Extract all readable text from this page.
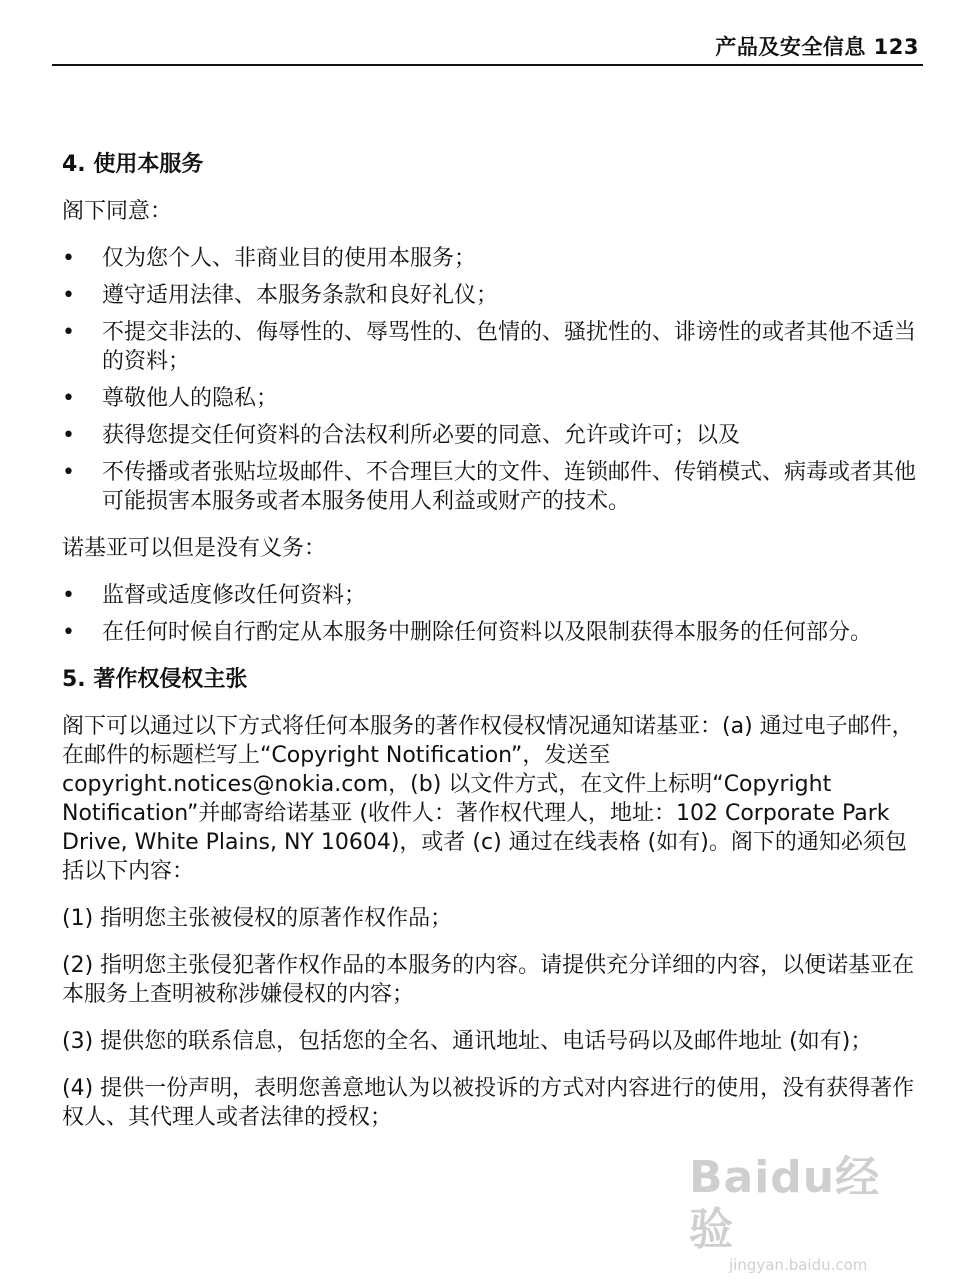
产品及安全信息 123
4. 使用本服务

阁下同意：

•	仅为您个人、非商业目的使用本服务；
•	遵守适用法律、本服务条款和良好礼仪；
•	不提交非法的、侮辱性的、辱骂性的、色情的、骚扰性的、诽谤性的或者其他不适当的资料；
•	尊敬他人的隐私；
•	获得您提交任何资料的合法权利所必要的同意、允许或许可；以及
•	不传播或者张贴垃圾邮件、不合理巨大的文件、连锁邮件、传销模式、病毒或者其他可能损害本服务或者本服务使用人利益或财产的技术。

诺基亚可以但是没有义务：

•	监督或适度修改任何资料；
•	在任何时候自行酌定从本服务中删除任何资料以及限制获得本服务的任何部分。
5. 著作权侵权主张

阁下可以通过以下方式将任何本服务的著作权侵权情况通知诺基亚：(a) 通过电子邮件，在邮件的标题栏写上“Copyright Notification”，发送至copyright.notices@nokia.com，(b) 以文件方式，在文件上标明“Copyright Notification”并邮寄给诺基亚 (收件人：著作权代理人，地址：102 Corporate Park Drive, White Plains, NY 10604)，或者 (c) 通过在线表格 (如有)。阁下的通知必须包括以下内容：

(1) 指明您主张被侵权的原著作权作品；

(2) 指明您主张侵犯著作权作品的本服务的内容。请提供充分详细的内容，以便诺基亚在本服务上查明被称涉嫌侵权的内容；

(3) 提供您的联系信息，包括您的全名、通讯地址、电话号码以及邮件地址 (如有)；

(4) 提供一份声明，表明您善意地认为以被投诉的方式对内容进行的使用，没有获得著作权人、其代理人或者法律的授权；

Baidu经验
jingyan.baidu.com
